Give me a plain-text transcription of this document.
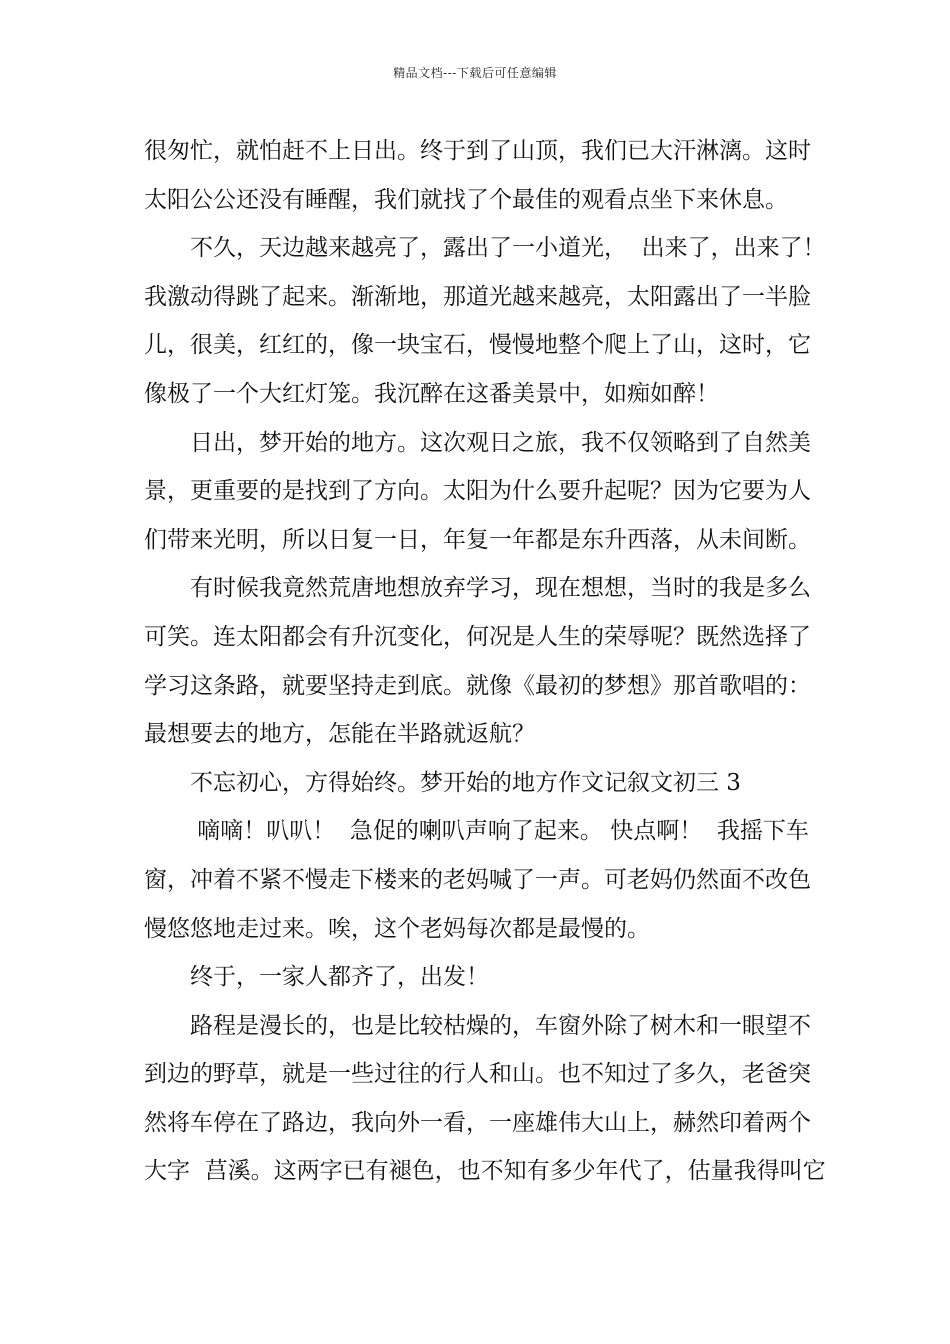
精品文档---下载后可任意编辑
很匆忙，就怕赶不上日出。终于到了山顶，我们已大汗淋漓。这时
太阳公公还没有睡醒，我们就找了个最佳的观看点坐下来休息。
不久，天边越来越亮了，露出了一小道光，  出来了，出来了！
我激动得跳了起来。渐渐地，那道光越来越亮，太阳露出了一半脸
儿，很美，红红的，像一块宝石，慢慢地整个爬上了山，这时，它
像极了一个大红灯笼。我沉醉在这番美景中，如痴如醉！
日出，梦开始的地方。这次观日之旅，我不仅领略到了自然美
景，更重要的是找到了方向。太阳为什么要升起呢？因为它要为人
们带来光明，所以日复一日，年复一年都是东升西落，从未间断。
有时候我竟然荒唐地想放弃学习，现在想想，当时的我是多么
可笑。连太阳都会有升沉变化，何况是人生的荣辱呢？既然选择了
学习这条路，就要坚持走到底。就像《最初的梦想》那首歌唱的：
最想要去的地方，怎能在半路就返航？
不忘初心，方得始终。梦开始的地方作文记叙文初三 3
嘀嘀！叭叭！  急促的喇叭声响了起来。 快点啊！  我摇下车
窗，冲着不紧不慢走下楼来的老妈喊了一声。可老妈仍然面不改色
慢悠悠地走过来。唉，这个老妈每次都是最慢的。
终于，一家人都齐了，出发！
路程是漫长的，也是比较枯燥的，车窗外除了树木和一眼望不
到边的野草，就是一些过往的行人和山。也不知过了多久，老爸突
然将车停在了路边，我向外一看，一座雄伟大山上，赫然印着两个
大字  莒溪。这两字已有褪色，也不知有多少年代了，估量我得叫它
